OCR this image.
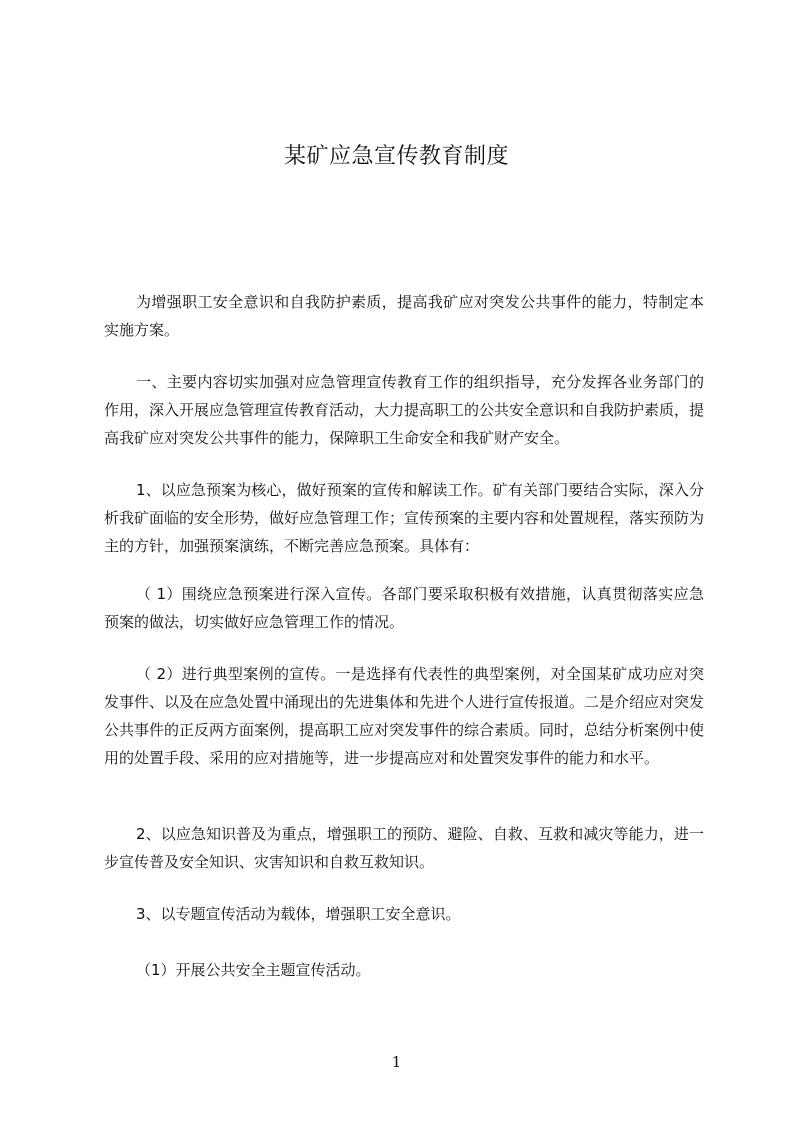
某矿应急宣传教育制度

为增强职工安全意识和自我防护素质，提高我矿应对突发公共事件的能力，特制定本实施方案。

一、主要内容切实加强对应急管理宣传教育工作的组织指导，充分发挥各业务部门的作用，深入开展应急管理宣传教育活动，大力提高职工的公共安全意识和自我防护素质，提高我矿应对突发公共事件的能力，保障职工生命安全和我矿财产安全。

1、以应急预案为核心，做好预案的宣传和解读工作。矿有关部门要结合实际，深入分析我矿面临的安全形势，做好应急管理工作；宣传预案的主要内容和处置规程，落实预防为主的方针，加强预案演练，不断完善应急预案。具体有：

（ 1）围绕应急预案进行深入宣传。各部门要采取积极有效措施，认真贯彻落实应急预案的做法，切实做好应急管理工作的情况。

（ 2）进行典型案例的宣传。一是选择有代表性的典型案例，对全国某矿成功应对突发事件、以及在应急处置中涌现出的先进集体和先进个人进行宣传报道。二是介绍应对突发公共事件的正反两方面案例，提高职工应对突发事件的综合素质。同时，总结分析案例中使用的处置手段、采用的应对措施等，进一步提高应对和处置突发事件的能力和水平。

2、以应急知识普及为重点，增强职工的预防、避险、自救、互救和减灾等能力，进一步宣传普及安全知识、灾害知识和自救互救知识。

3、以专题宣传活动为载体，增强职工安全意识。

（1）开展公共安全主题宣传活动。

1
